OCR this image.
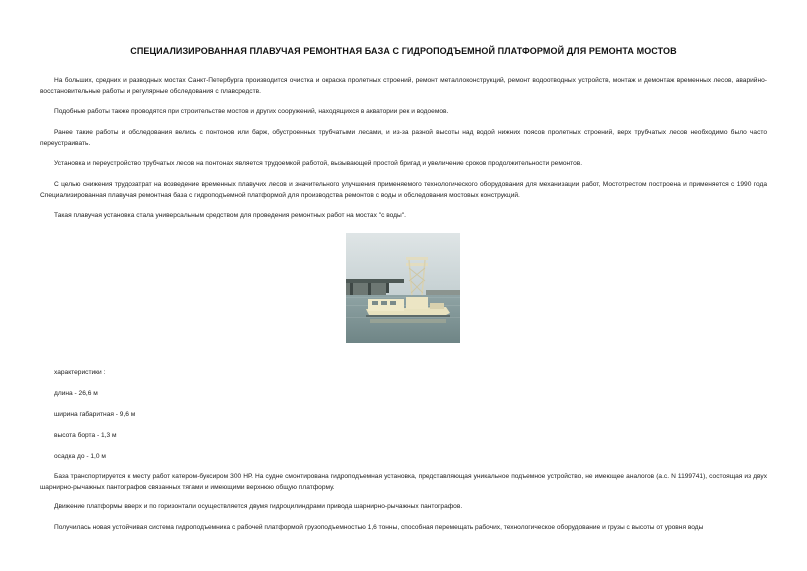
СПЕЦИАЛИЗИРОВАННАЯ ПЛАВУЧАЯ РЕМОНТНАЯ БАЗА С ГИДРОПОДЪЕМНОЙ ПЛАТФОРМОЙ ДЛЯ РЕМОНТА МОСТОВ

На больших, средних и разводных мостах Санкт-Петербурга производится очистка и окраска пролетных строений, ремонт металлоконструкций, ремонт водоотводных устройств, монтаж и демонтаж временных лесов, аварийно-восстановительные работы и регулярные обследования с плавсредств.

Подобные работы также проводятся при строительстве мостов и других сооружений, находящихся в акватории рек и водоемов.

Ранее такие работы и обследования велись с понтонов или барж, обустроенных трубчатыми лесами, и из-за разной высоты над водой нижних поясов пролетных строений, верх трубчатых лесов необходимо было часто переустраивать.

Установка и переустройство трубчатых лесов на понтонах является трудоемкой работой, вызывающей простой бригад и увеличение сроков продолжительности ремонтов.

С целью снижения трудозатрат на возведение временных плавучих лесов и значительного улучшения применяемого технологического оборудования для механизации работ, Мостотрестом построена и применяется с 1990 года Специализированная плавучая ремонтная база с гидроподъемной платформой для производства ремонтов с воды и обследования мостовых конструкций.

Такая плавучая установка стала универсальным средством для проведения ремонтных работ на мостах "с воды".

характеристики :

длина - 26,6 м

ширина габаритная - 9,6 м

высота борта - 1,3 м

осадка до - 1,0 м

База транспортируется к месту работ катером-буксиром 300 НР. На судне смонтирована гидроподъемная установка, представляющая уникальное подъемное устройство, не имеющее аналогов (а.с. N 1199741), состоящая из двух шарнирно-рычажных пантографов связанных тягами и имеющими верхнюю общую платформу.

Движение платформы вверх и по горизонтали осуществляется двумя гидроцилиндрами привода шарнирно-рычажных пантографов.

Получилась новая устойчивая система гидроподъемника с рабочей платформой грузоподъемностью 1,6 тонны, способная перемещать рабочих, технологическое оборудование и грузы с высоты от уровня воды
